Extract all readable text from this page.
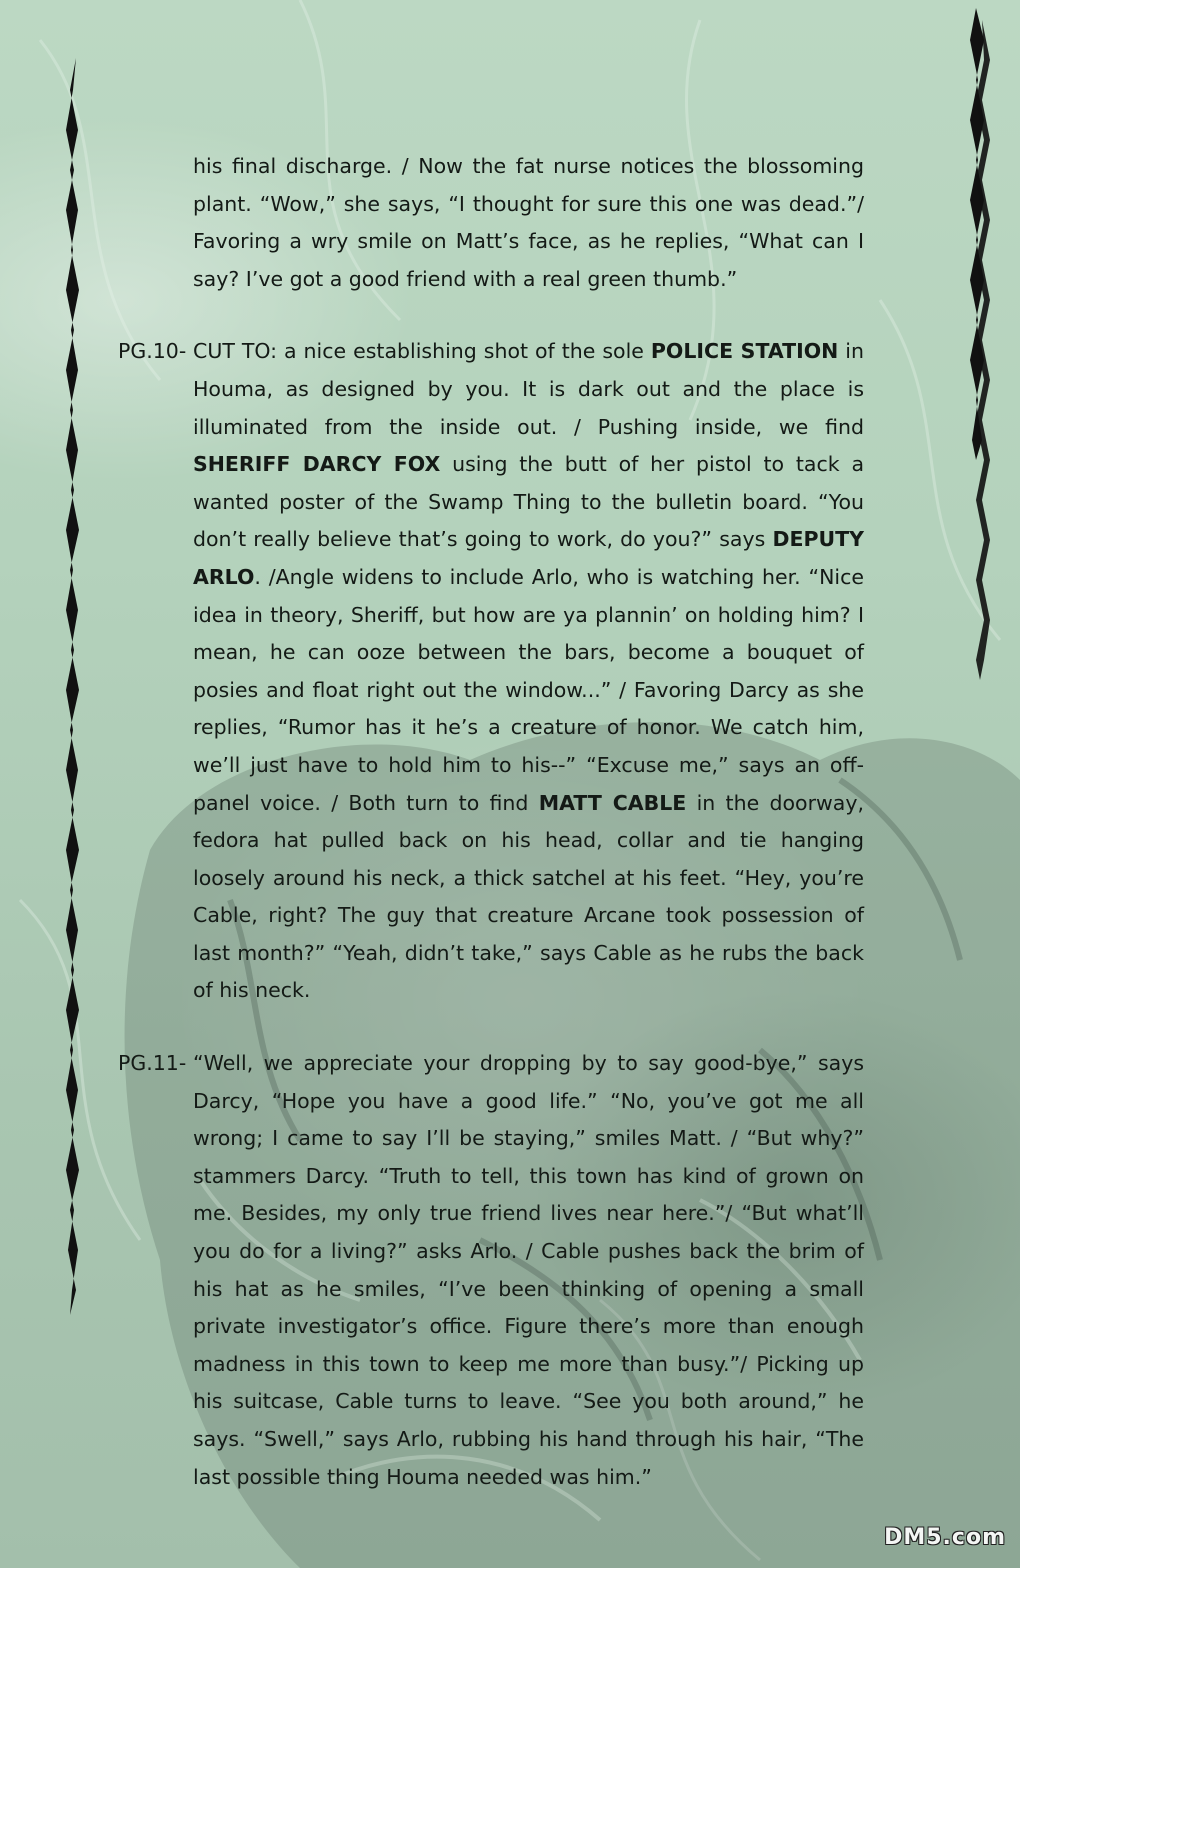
his final discharge. / Now the fat nurse notices the blossoming plant. “Wow,” she says, “I thought for sure this one was dead.”/ Favoring a wry smile on Matt’s face, as he replies, “What can I say? I’ve got a good friend with a real green thumb.”

PG.10- CUT TO: a nice establishing shot of the sole POLICE STATION in Houma, as designed by you. It is dark out and the place is illuminated from the inside out. / Pushing inside, we find SHERIFF DARCY FOX using the butt of her pistol to tack a wanted poster of the Swamp Thing to the bulletin board. “You don’t really believe that’s going to work, do you?” says DEPUTY ARLO. /Angle widens to include Arlo, who is watching her. “Nice idea in theory, Sheriff, but how are ya plannin’ on holding him? I mean, he can ooze between the bars, become a bouquet of posies and float right out the window...” / Favoring Darcy as she replies, “Rumor has it he’s a creature of honor. We catch him, we’ll just have to hold him to his--” “Excuse me,” says an off-panel voice. / Both turn to find MATT CABLE in the doorway, fedora hat pulled back on his head, collar and tie hanging loosely around his neck, a thick satchel at his feet. “Hey, you’re Cable, right? The guy that creature Arcane took possession of last month?” “Yeah, didn’t take,” says Cable as he rubs the back of his neck.

PG.11- “Well, we appreciate your dropping by to say good-bye,” says Darcy, “Hope you have a good life.” “No, you’ve got me all wrong; I came to say I’ll be staying,” smiles Matt. / “But why?” stammers Darcy. “Truth to tell, this town has kind of grown on me. Besides, my only true friend lives near here.”/ “But what’ll you do for a living?” asks Arlo. / Cable pushes back the brim of his hat as he smiles, “I’ve been thinking of opening a small private investigator’s office. Figure there’s more than enough madness in this town to keep me more than busy.”/ Picking up his suitcase, Cable turns to leave. “See you both around,” he says. “Swell,” says Arlo, rubbing his hand through his hair, “The last possible thing Houma needed was him.”

DM5.com
